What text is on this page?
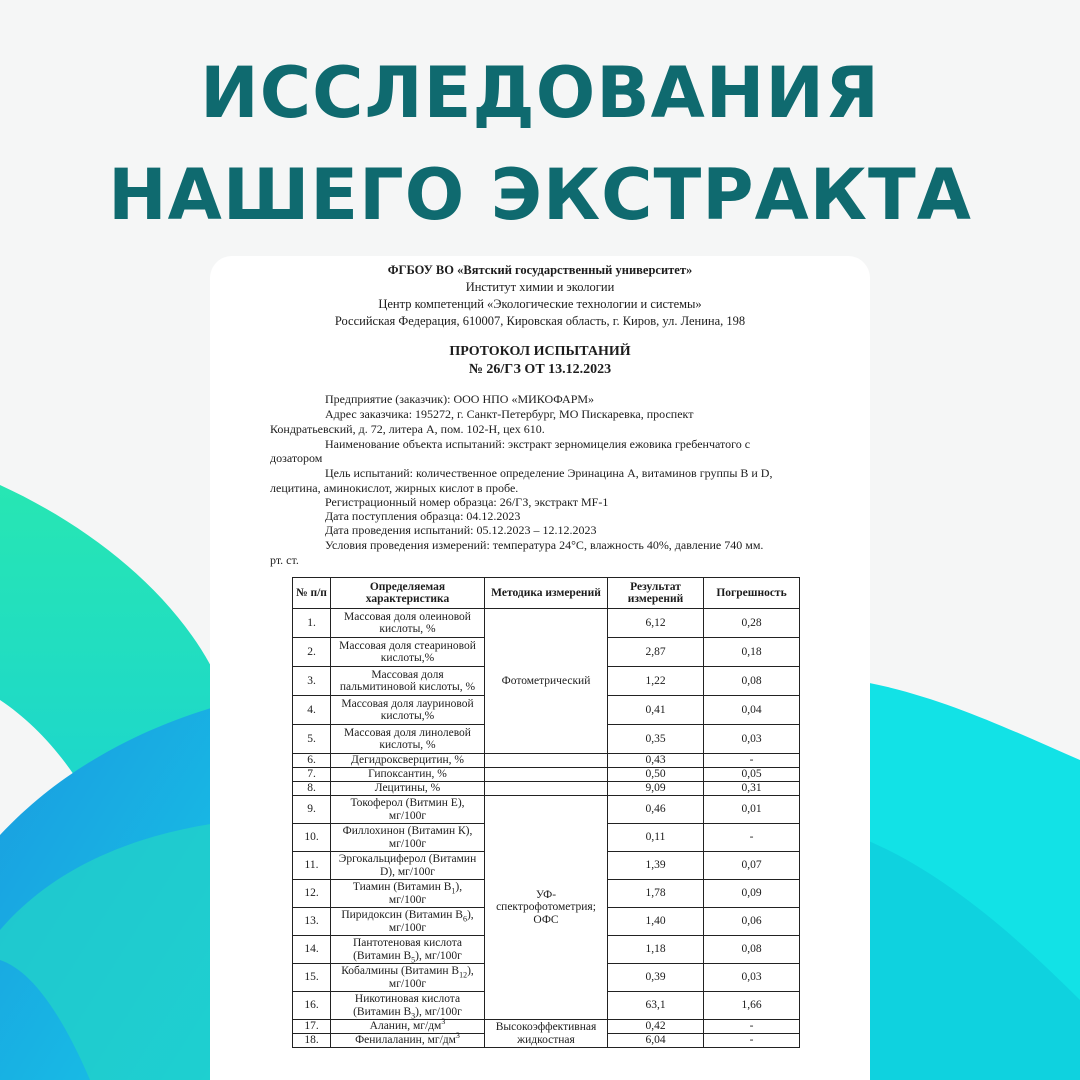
ИССЛЕДОВАНИЯ
НАШЕГО ЭКСТРАКТА
ФГБОУ ВО «Вятский государственный университет»
Институт химии и экологии
Центр компетенций «Экологические технологии и системы»
Российская Федерация, 610007, Кировская область, г. Киров, ул. Ленина, 198
ПРОТОКОЛ ИСПЫТАНИЙ
№ 26/ГЗ ОТ 13.12.2023
Предприятие (заказчик): ООО НПО «МИКОФАРМ»
Адрес заказчика: 195272, г. Санкт-Петербург, МО Пискаревка, проспект
Кондратьевский, д. 72, литера А, пом. 102-Н, цех 610.
Наименование объекта испытаний: экстракт зерномицелия ежовика гребенчатого с
дозатором
Цель испытаний: количественное определение Эринацина А, витаминов группы В и D,
лецитина, аминокислот, жирных кислот в пробе.
Регистрационный номер образца: 26/ГЗ, экстракт MF-1
Дата поступления образца: 04.12.2023
Дата проведения испытаний: 05.12.2023 – 12.12.2023
Условия проведения измерений: температура 24°С, влажность 40%, давление 740 мм.
рт. ст.
№ п/п	Определяемая характеристика	Методика измерений	Результат измерений	Погрешность
1.	Массовая доля олеиновой
кислоты, %	Фотометрический	6,12	0,28
2.	Массовая доля стеариновой
кислоты,%		2,87	0,18
3.	Массовая доля
пальмитиновой кислоты, %		1,22	0,08
4.	Массовая доля лауриновой
кислоты,%		0,41	0,04
5.	Массовая доля линолевой
кислоты, %		0,35	0,03
6.	Дегидроксверцитин, %		0,43	-
7.	Гипоксантин, %		0,50	0,05
8.	Лецитины, %		9,09	0,31
9.	Токоферол (Витмин Е),
мг/100г	УФ-спектрофотометрия; ОФС	0,46	0,01
10.	Филлохинон (Витамин К),
мг/100г		0,11	-
11.	Эргокальциферол (Витамин
D), мг/100г		1,39	0,07
12.	Тиамин (Витамин $В_1$),
мг/100г		1,78	0,09
13.	Пиридоксин (Витамин $В_6$),
мг/100г		1,40	0,06
14.	Пантотеновая кислота
(Витамин $В_5$), мг/100г		1,18	0,08
15.	Кобалмины (Витамин $В_{12}$),
мг/100г		0,39	0,03
16.	Никотиновая кислота
(Витамин $В_3$), мг/100г		63,1	1,66
17.	Аланин, $мг/дм^3$	Высокоэффективная жидкостная	0,42	-
18.	Фенилаланин, $мг/дм^3$		6,04	-
